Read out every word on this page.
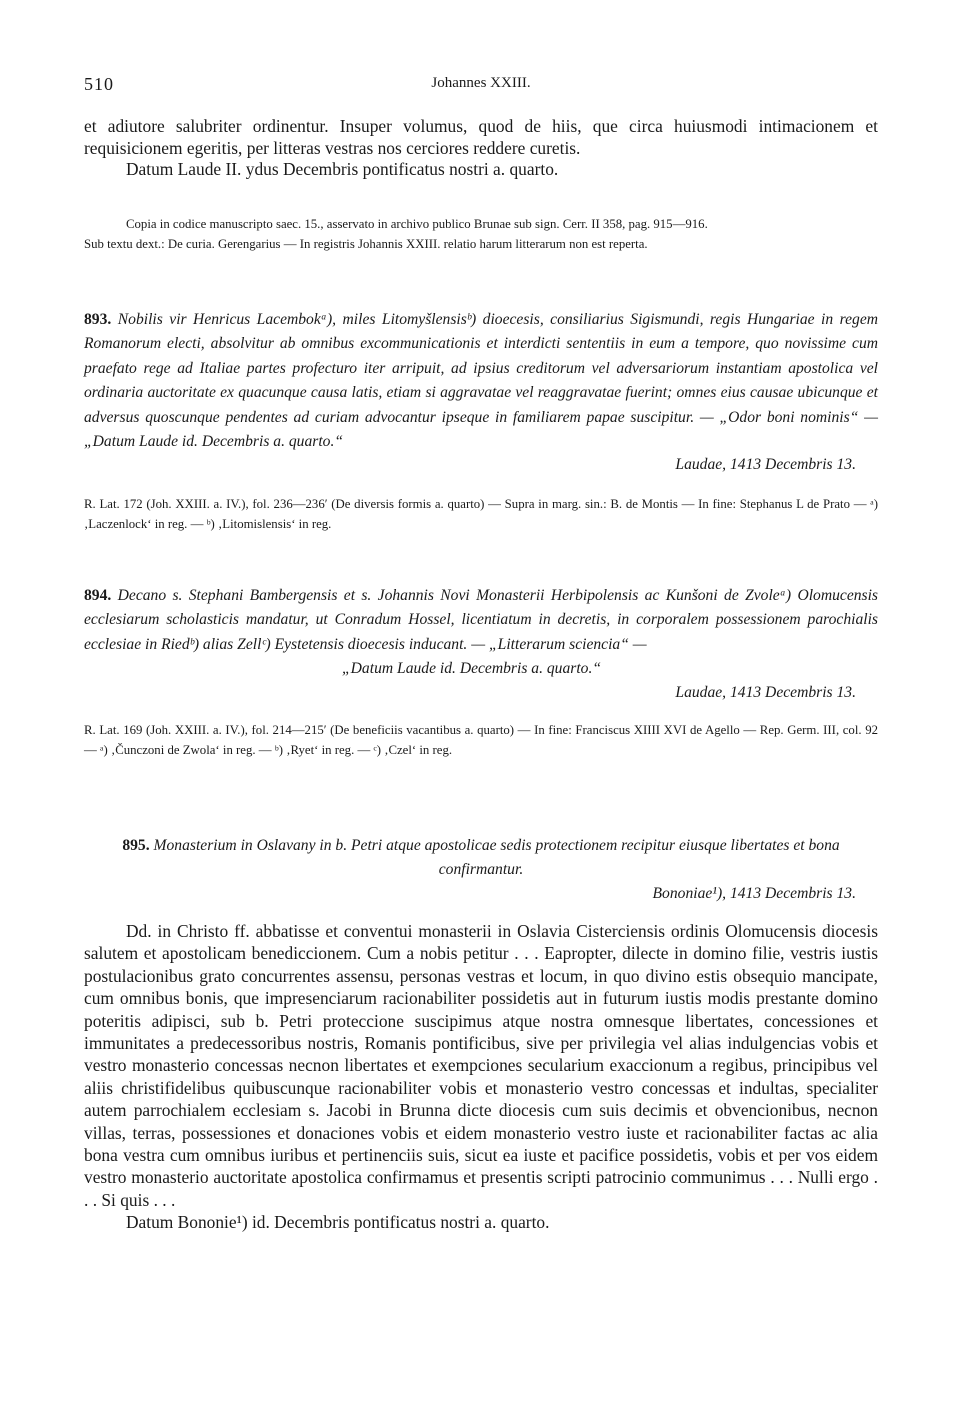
510	Johannes XXIII.

et adiutore salubriter ordinentur. Insuper volumus, quod de hiis, que circa huiusmodi intimacionem et requisicionem egeritis, per litteras vestras nos cerciores reddere curetis.

Datum Laude II. ydus Decembris pontificatus nostri a. quarto.

Copia in codice manuscripto saec. 15., asservato in archivo publico Brunae sub sign. Cerr. II 358, pag. 915—916.

Sub textu dext.: De curia. Gerengarius — In registris Johannis XXIII. relatio harum litterarum non est reperta.

893. Nobilis vir Henricus Lacembokᵃ), miles Litomyšlensisᵇ) dioecesis, consiliarius Sigismundi, regis Hungariae in regem Romanorum electi, absolvitur ab omnibus excommunicationis et interdicti sententiis in eum a tempore, quo novissime cum praefato rege ad Italiae partes profecturo iter arripuit, ad ipsius creditorum vel adversariorum instantiam apostolica vel ordinaria auctoritate ex quacunque causa latis, etiam si aggravatae vel reaggravatae fuerint; omnes eius causae ubicunque et adversus quoscunque pendentes ad curiam advocantur ipseque in familiarem papae suscipitur. — „Odor boni nominis“ — „Datum Laude id. Decembris a. quarto.“

Laudae, 1413 Decembris 13.

R. Lat. 172 (Joh. XXIII. a. IV.), fol. 236—236′ (De diversis formis a. quarto) — Supra in marg. sin.: B. de Montis — In fine: Stephanus L de Prato — ᵃ) ‚Laczenlock‘ in reg. — ᵇ) ‚Litomislensis‘ in reg.

894. Decano s. Stephani Bambergensis et s. Johannis Novi Monasterii Herbipolensis ac Kunšoni de Zvoleᵃ) Olomucensis ecclesiarum scholasticis mandatur, ut Conradum Hossel, licentiatum in decretis, in corporalem possessionem parochialis ecclesiae in Riedᵇ) alias Zellᶜ) Eystetensis dioecesis inducant. — „Litterarum sciencia“ —

„Datum Laude id. Decembris a. quarto.“

Laudae, 1413 Decembris 13.

R. Lat. 169 (Joh. XXIII. a. IV.), fol. 214—215′ (De beneficiis vacantibus a. quarto) — In fine: Franciscus XIIII XVI de Agello — Rep. Germ. III, col. 92 — ᵃ) ‚Čunczoni de Zwola‘ in reg. — ᵇ) ‚Ryet‘ in reg. — ᶜ) ‚Czel‘ in reg.

895. Monasterium in Oslavany in b. Petri atque apostolicae sedis protectionem recipitur eiusque libertates et bona confirmantur.

Bononiae¹), 1413 Decembris 13.

Dd. in Christo ff. abbatisse et conventui monasterii in Oslavia Cisterciensis ordinis Olomucensis diocesis salutem et apostolicam benediccionem. Cum a nobis petitur . . . Eapropter, dilecte in domino filie, vestris iustis postulacionibus grato concurrentes assensu, personas vestras et locum, in quo divino estis obsequio mancipate, cum omnibus bonis, que impresenciarum racionabiliter possidetis aut in futurum iustis modis prestante domino poteritis adipisci, sub b. Petri proteccione suscipimus atque nostra omnesque libertates, concessiones et immunitates a predecessoribus nostris, Romanis pontificibus, sive per privilegia vel alias indulgencias vobis et vestro monasterio concessas necnon libertates et exempciones secularium exaccionum a regibus, principibus vel aliis christifidelibus quibuscunque racionabiliter vobis et monasterio vestro concessas et indultas, specialiter autem parrochialem ecclesiam s. Jacobi in Brunna dicte diocesis cum suis decimis et obvencionibus, necnon villas, terras, possessiones et donaciones vobis et eidem monasterio vestro iuste et racionabiliter factas ac alia bona vestra cum omnibus iuribus et pertinenciis suis, sicut ea iuste et pacifice possidetis, vobis et per vos eidem vestro monasterio auctoritate apostolica confirmamus et presentis scripti patrocinio communimus . . . Nulli ergo . . . Si quis . . .

Datum Bononie¹) id. Decembris pontificatus nostri a. quarto.
